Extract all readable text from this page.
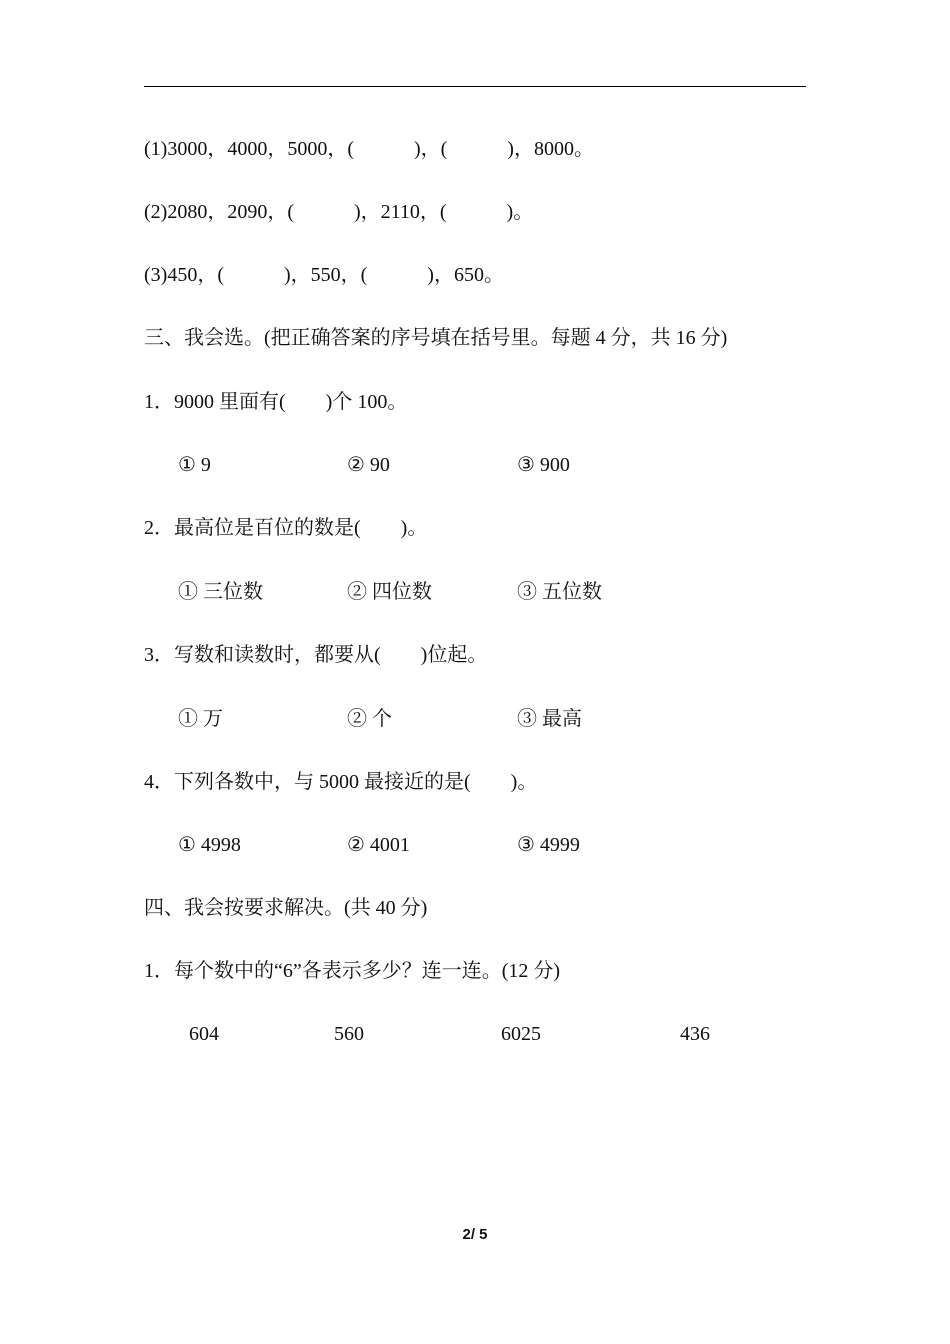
(1)3000，4000，5000，(　　　)，(　　　)，8000。
(2)2080，2090，(　　　)，2110，(　　　)。
(3)450，(　　　)，550，(　　　)，650。
三、我会选。(把正确答案的序号填在括号里。每题 4 分，共 16 分)
1．9000 里面有(　　)个 100。
① 9	② 90	③ 900
2．最高位是百位的数是(　　)。
① 三位数	② 四位数	③ 五位数
3．写数和读数时，都要从(　　)位起。
① 万	② 个	③ 最高
4．下列各数中，与 5000 最接近的是(　　)。
① 4998	② 4001	③ 4999
四、我会按要求解决。(共 40 分)
1．每个数中的“6”各表示多少？连一连。(12 分)
604	560	6025	436
2/ 5
